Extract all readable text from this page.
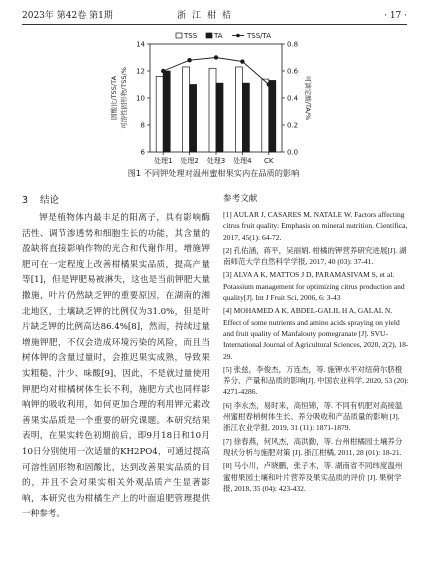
2023年 第42卷 第1期	浙江柑桔	· 17 ·
6
8
10
12
14
0.0
0.2
0.4
0.6
0.8
可溶性固形物/TSS/%
固酸比/TSS/TA	可滴定酸/TA/%
处理1 处理2 处理3 处理4 CK
TSS TA	TSS/TA
图1 不同钾处理对温州蜜柑果实内在品质的影响
3 结论

钾是植物体内最丰足的阳离子，具有影响酶活性、调节渗透势和细胞生长的功能，其含量的盈缺将直接影响作物的光合和代谢作用，增施钾肥可在一定程度上改善柑橘果实品质，提高产量等[1]，但是钾肥易被淋失，这也是当前钾肥大量撒施，叶片仍然缺乏钾的重要原因，在湖南的湘北地区，土壤缺乏钾的比例仅为31.0%，但是叶片缺乏钾的比例高达86.4%[8]，然而，持续过量增施钾肥，不仅会造成环境污染的风险，而且当树体钾的含量过量时，会推迟果实成熟，导致果实粗糙、汁少、味酸[9]，因此，不是就过量使用钾肥均对柑橘树体生长不利，施肥方式也同样影响钾的吸收利用，如何更加合理的利用钾元素改善果实品质是一个重要的研究课题。本研究结果表明，在果实转色初期前后，即9月18日和10月10日分别使用一次适量的KH2PO4，可通过提高可溶性固形物和固酸比，达到改善果实品质的目的，并且不会对果实相关外观品质产生显著影响，本研究也为柑橘生产上的叶面追肥管理提供一种参考。

参考文献

[1] AULAR J, CASARES M, NATALE W. Factors affecting citrus fruit quality: Emphasis on mineral nutrition. Cientifica, 2017, 45(1): 64-72.

[2] 孔佑涵，蒋平，吴丽娟. 柑橘的钾营养研究进展[J]. 湖南师范大学自然科学学报, 2017, 40 (03): 37-41.

[3] ALVA A K, MATTOS J D, PARAMASIVAM S, et al. Potassium management for optimizing citrus production and quality[J]. Int J Fruit Sci, 2006, 6: 3-43

[4] MOHAMED A K, ABDEL-GALIL H A, GALAL N. Effect of some nutrients and amino acids spraying on yield and fruit quality of Manfalouty pomegranate [J]. SVU-International Journal of Agricultural Sciences, 2020, 2(2), 18-29.

[5] 张兹，李俊杰，万连杰，等. 施钾水平对纽荷尔脐橙养分、产量和品质的影响[J]. 中国农业科学, 2020, 53 (20): 4271-4286.

[6] 李永杰，易时来，高恒锦，等. 不同有机肥对高接温州蜜柑春梢树体生长、养分吸收和产品质量的影响 [J]. 浙江农业学报, 2019, 31 (11): 1871-1879.

[7] 徐春燕，何风杰，高洪勤，等. 台州柑橘园土壤养分现状分析与施肥对策 [J]. 浙江柑橘, 2011, 28 (01): 18-21.

[8] 马小川，卢晓鹏，张子木，等. 湖南省不同纬度温州蜜柑果园土壤和叶片营养及果实品质的评价 [J]. 果树学报, 2018, 35 (04): 423-432.
